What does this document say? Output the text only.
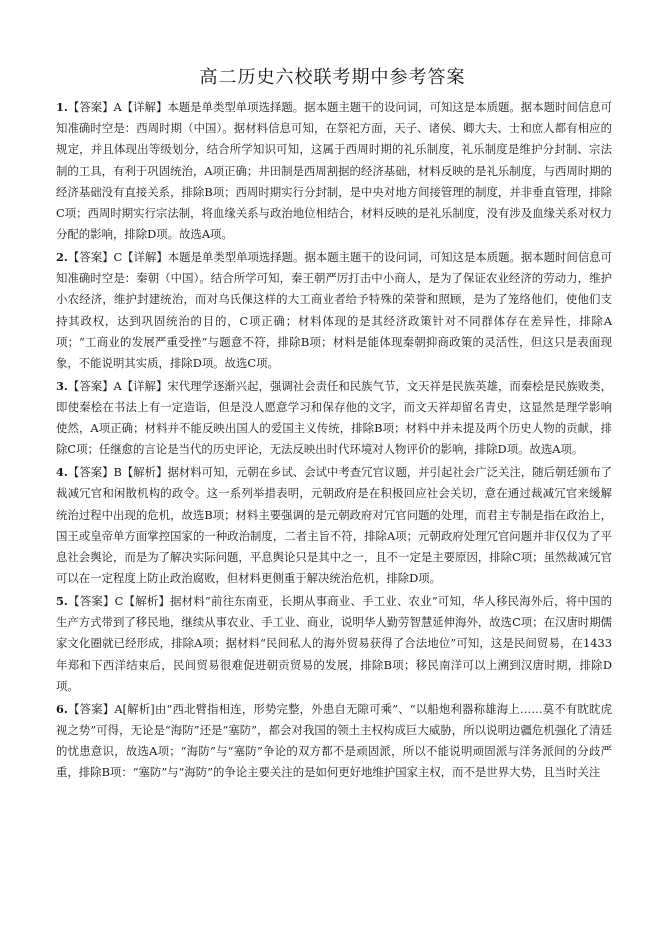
高二历史六校联考期中参考答案

1.【答案】A【详解】本题是单类型单项选择题。据本题主题干的设问词，可知这是本质题。据本题时间信息可知准确时空是：西周时期（中国）。据材料信息可知，在祭祀方面，天子、诸侯、卿大夫、士和庶人都有相应的规定，并且体现出等级划分，结合所学知识可知，这属于西周时期的礼乐制度，礼乐制度是维护分封制、宗法制的工具，有利于巩固统治，A项正确；井田制是西周割据的经济基础，材料反映的是礼乐制度，与西周时期的经济基础没有直接关系，排除B项；西周时期实行分封制，是中央对地方间接管理的制度，并非垂直管理，排除C项；西周时期实行宗法制，将血缘关系与政治地位相结合，材料反映的是礼乐制度，没有涉及血缘关系对权力分配的影响，排除D项。故选A项。

2.【答案】C【详解】本题是单类型单项选择题。据本题主题干的设问词，可知这是本质题。据本题时间信息可知准确时空是：秦朝（中国）。结合所学可知，秦王朝严厉打击中小商人，是为了保证农业经济的劳动力，维护小农经济，维护封建统治，而对乌氏倮这样的大工商业者给予特殊的荣誉和照顾，是为了笼络他们，使他们支持其政权，达到巩固统治的目的，C项正确；材料体现的是其经济政策针对不同群体存在差异性，排除A项；“工商业的发展严重受挫”与题意不符，排除B项；材料是能体现秦朝抑商政策的灵活性，但这只是表面现象，不能说明其实质，排除D项。故选C项。

3.【答案】A【详解】宋代理学逐渐兴起，强调社会责任和民族气节，文天祥是民族英雄，而秦桧是民族败类，即使秦桧在书法上有一定造诣，但是没人愿意学习和保存他的文字，而文天祥却留名青史，这显然是理学影响使然，A项正确；材料并不能反映出国人的爱国主义传统，排除B项；材料中并未提及两个历史人物的贡献，排除C项；任继愈的言论是当代的历史评论，无法反映出时代环境对人物评价的影响，排除D项。故选A项。

4.【答案】B【解析】据材料可知，元朝在乡试、会试中考查冗官议题，并引起社会广泛关注，随后朝廷颁布了裁减冗官和闲散机构的政令。这一系列举措表明，元朝政府是在积极回应社会关切，意在通过裁减冗官来缓解统治过程中出现的危机，故选B项；材料主要强调的是元朝政府对冗官问题的处理，而君主专制是指在政治上，国王或皇帝单方面掌控国家的一种政治制度，二者主旨不符，排除A项；元朝政府处理冗官问题并非仅仅为了平息社会舆论，而是为了解决实际问题，平息舆论只是其中之一，且不一定是主要原因，排除C项；虽然裁减冗官可以在一定程度上防止政治腐败，但材料更侧重于解决统治危机，排除D项。

5.【答案】C【解析】据材料“前往东南亚，长期从事商业、手工业、农业”可知，华人移民海外后，将中国的生产方式带到了移民地，继续从事农业、手工业、商业，说明华人勤劳智慧延伸海外，故选C项；在汉唐时期儒家文化圈就已经形成，排除A项；据材料“民间私人的海外贸易获得了合法地位”可知，这是民间贸易，在1433年郑和下西洋结束后，民间贸易很难促进朝贡贸易的发展，排除B项；移民南洋可以上溯到汉唐时期，排除D项。

6.【答案】A[解析]由“西北臂指相连，形势完整，外患自无隙可乘”、“以船炮利器称雄海上……莫不有眈眈虎视之势”可得，无论是“海防”还是“塞防”，都会对我国的领土主权构成巨大威胁，所以说明边疆危机强化了清廷的忧患意识，故选A项；“海防”与“塞防”争论的双方都不是顽固派，所以不能说明顽固派与洋务派间的分歧严重，排除B项：“塞防”与“海防”的争论主要关注的是如何更好地维护国家主权，而不是世界大势，且当时关注
